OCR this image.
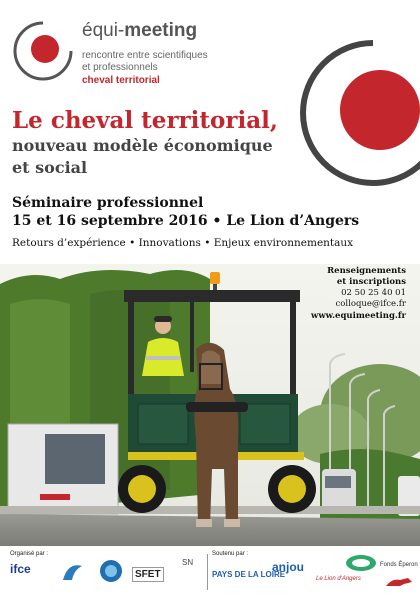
équi-meeting
rencontre entre scientifiques
et professionnels
cheval territorial
Le cheval territorial,
nouveau modèle économique
et social
Séminaire professionnel
15 et 16 septembre 2016 • Le Lion d’Angers
Retours d’expérience • Innovations • Enjeux environnementaux
Renseignements
et inscriptions
02 50 25 40 01
colloque@ifce.fr
www.equimeeting.fr
Organisé par :	Soutenu par :
ifce	SFET
SN
PAYS DE LA LOIRE
anjou
Le Lion d'Angers
Fonds Éperon
